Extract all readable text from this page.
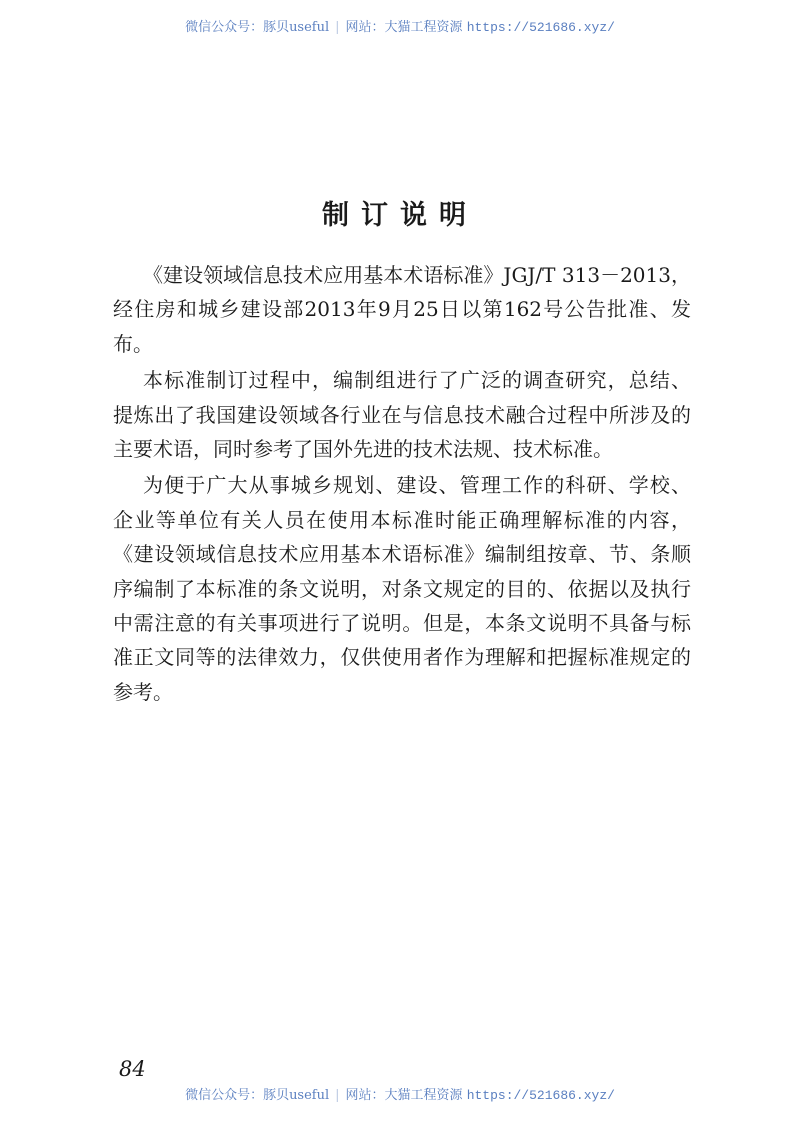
微信公众号：豚贝useful | 网站：大猫工程资源 https://521686.xyz/
制订说明
《建设领域信息技术应用基本术语标准》JGJ/T 313－2013，
经住房和城乡建设部2013年9月25日以第162号公告批准、发
布。
本标准制订过程中，编制组进行了广泛的调查研究，总结、
提炼出了我国建设领域各行业在与信息技术融合过程中所涉及的
主要术语，同时参考了国外先进的技术法规、技术标准。
为便于广大从事城乡规划、建设、管理工作的科研、学校、
企业等单位有关人员在使用本标准时能正确理解标准的内容，
《建设领域信息技术应用基本术语标准》编制组按章、节、条顺
序编制了本标准的条文说明，对条文规定的目的、依据以及执行
中需注意的有关事项进行了说明。但是，本条文说明不具备与标
准正文同等的法律效力，仅供使用者作为理解和把握标准规定的
参考。
84
微信公众号：豚贝useful | 网站：大猫工程资源 https://521686.xyz/
